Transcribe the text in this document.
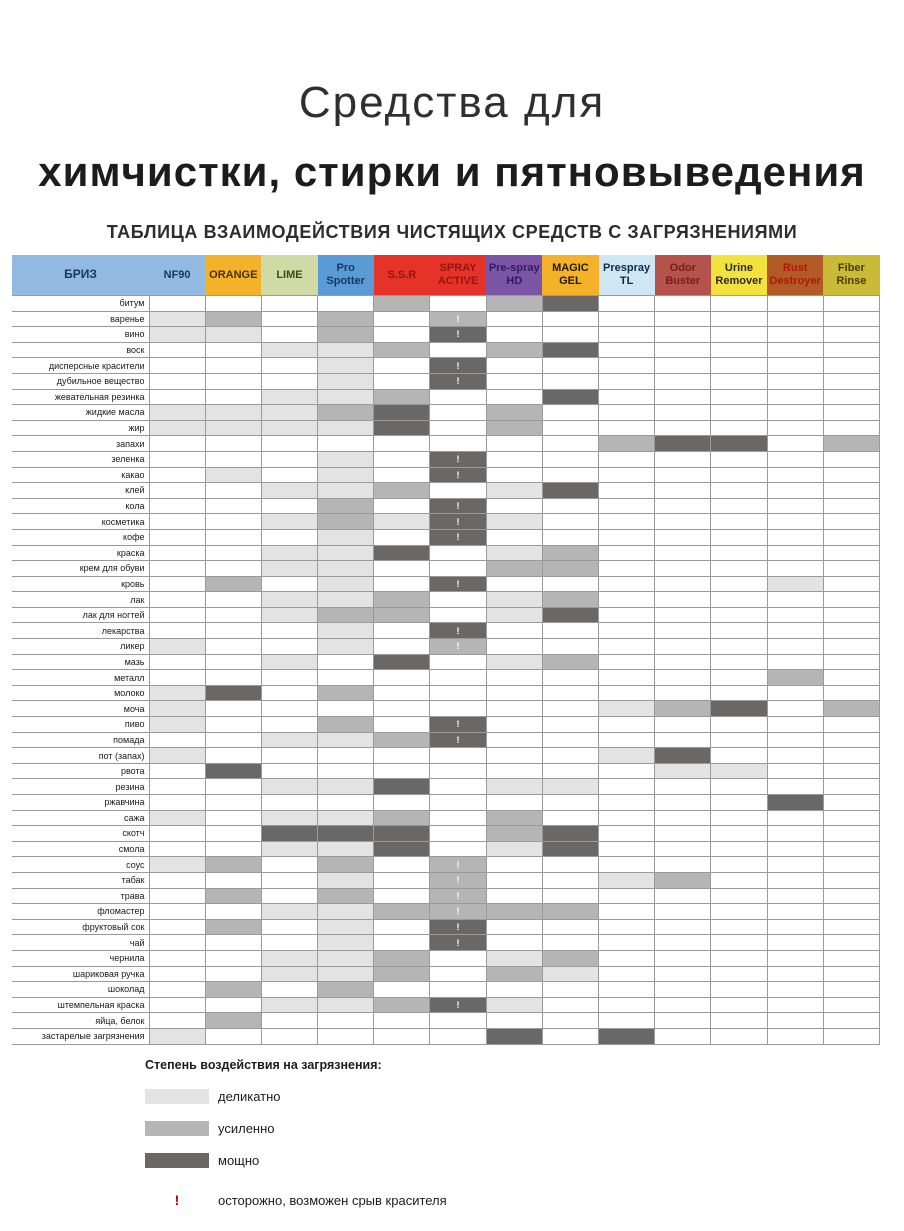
Средства для
химчистки, стирки и пятновыведения
ТАБЛИЦА ВЗАИМОДЕЙСТВИЯ ЧИСТЯЩИХ СРЕДСТВ С ЗАГРЯЗНЕНИЯМИ
БРИЗ	NF90	ORANGE	LIME	Pro Spotter	S.S.R	SPRAY ACTIVE	Pre-spray HD	MAGIC GEL	Prespray TL	Odor Buster	Urine Remover	Rust Destroyer	Fiber Rinse
битум													
варенье						!							
вино						!							
воск													
дисперсные красители						!							
дубильное вещество						!							
жевательная резинка													
жидкие масла													
жир													
запахи													
зеленка						!							
какао						!							
клей													
кола						!							
косметика						!							
кофе						!							
краска													
крем для обуви													
кровь						!							
лак													
лак для ногтей													
лекарства						!							
ликер						!							
мазь													
металл													
молоко													
моча													
пиво						!							
помада						!							
пот (запах)													
рвота													
резина													
ржавчина													
сажа													
скотч													
смола													
соус						!							
табак						!							
трава						!							
фломастер						!							
фруктовый сок						!							
чай						!							
чернила													
шариковая ручка													
шоколад													
штемпельная краска						!							
яйца, белок													
застарелые загрязнения													
Степень воздействия на загрязнения:
деликатно
усиленно
мощно
!	осторожно, возможен срыв красителя
